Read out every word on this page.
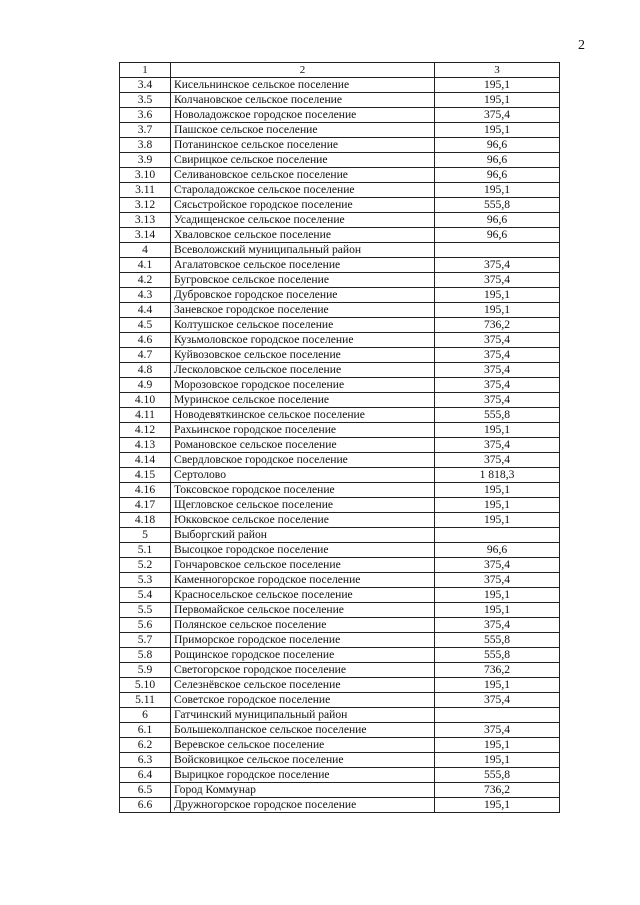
2
1	2	3
3.4	Кисельнинское сельское поселение	195,1
3.5	Колчановское сельское поселение	195,1
3.6	Новоладожское городское поселение	375,4
3.7	Пашское сельское поселение	195,1
3.8	Потанинское сельское поселение	96,6
3.9	Свирицкое сельское поселение	96,6
3.10	Селивановское сельское поселение	96,6
3.11	Староладожское сельское поселение	195,1
3.12	Сясьстройское городское поселение	555,8
3.13	Усадищенское сельское поселение	96,6
3.14	Хваловское сельское поселение	96,6
4	Всеволожский муниципальный район	
4.1	Агалатовское сельское поселение	375,4
4.2	Бугровское сельское поселение	375,4
4.3	Дубровское городское поселение	195,1
4.4	Заневское городское поселение	195,1
4.5	Колтушское сельское поселение	736,2
4.6	Кузьмоловское городское поселение	375,4
4.7	Куйвозовское сельское поселение	375,4
4.8	Лесколовское сельское поселение	375,4
4.9	Морозовское городское поселение	375,4
4.10	Муринское сельское поселение	375,4
4.11	Новодевяткинское сельское поселение	555,8
4.12	Рахьинское городское поселение	195,1
4.13	Романовское сельское поселение	375,4
4.14	Свердловское городское поселение	375,4
4.15	Сертолово	1 818,3
4.16	Токсовское городское поселение	195,1
4.17	Щегловское сельское поселение	195,1
4.18	Юкковское сельское поселение	195,1
5	Выборгский район	
5.1	Высоцкое городское поселение	96,6
5.2	Гончаровское сельское поселение	375,4
5.3	Каменногорское городское поселение	375,4
5.4	Красносельское сельское поселение	195,1
5.5	Первомайское сельское поселение	195,1
5.6	Полянское сельское поселение	375,4
5.7	Приморское городское поселение	555,8
5.8	Рощинское городское поселение	555,8
5.9	Светогорское городское поселение	736,2
5.10	Селезнёвское сельское поселение	195,1
5.11	Советское городское поселение	375,4
6	Гатчинский муниципальный район	
6.1	Большеколпанское сельское поселение	375,4
6.2	Веревское сельское поселение	195,1
6.3	Войсковицкое сельское поселение	195,1
6.4	Вырицкое городское поселение	555,8
6.5	Город Коммунар	736,2
6.6	Дружногорское городское поселение	195,1
